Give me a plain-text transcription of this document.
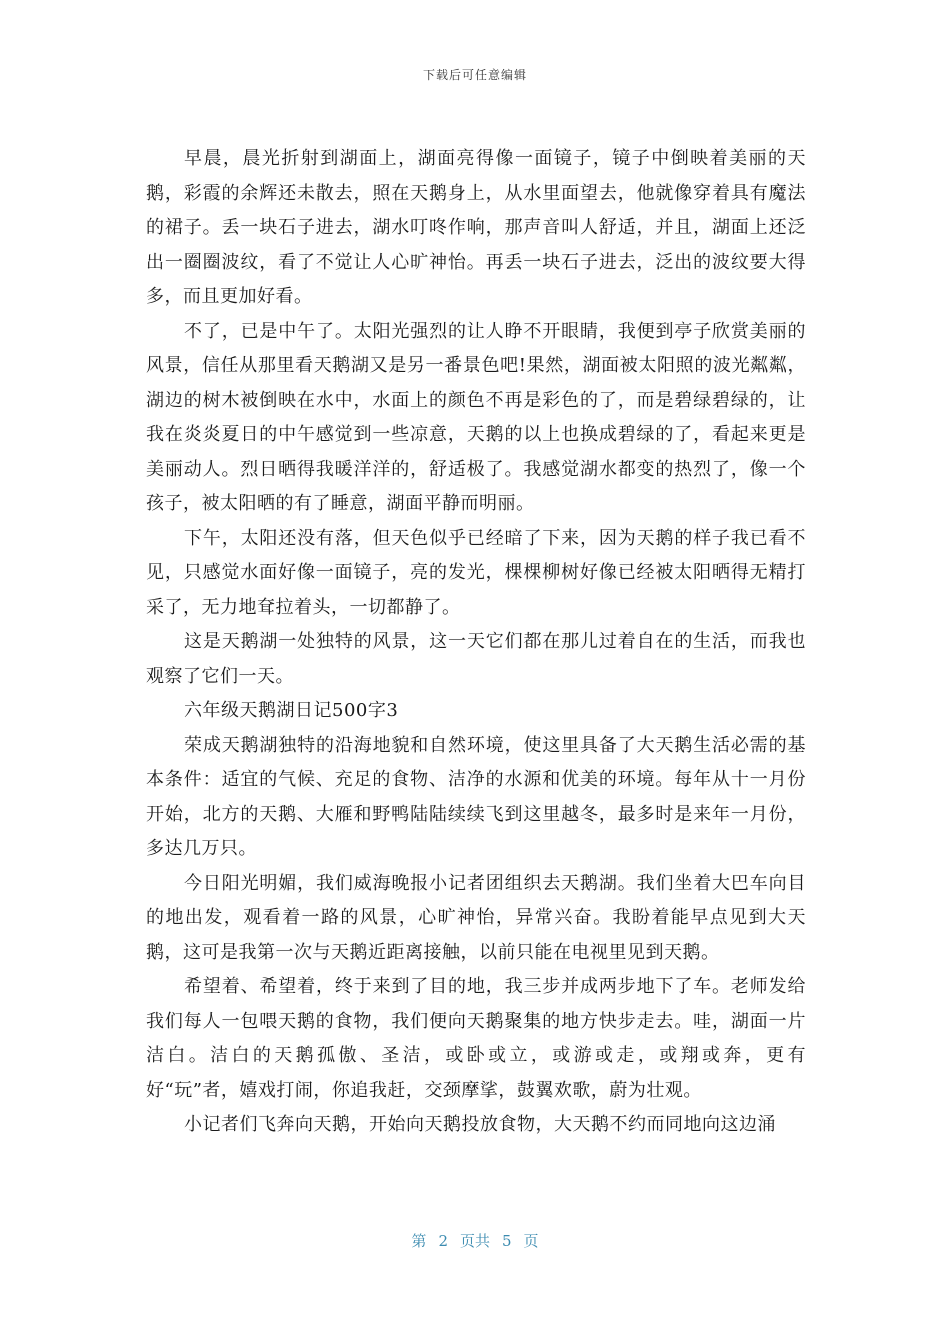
下载后可任意编辑

早晨，晨光折射到湖面上，湖面亮得像一面镜子，镜子中倒映着美丽的天鹅，彩霞的余辉还未散去，照在天鹅身上，从水里面望去，他就像穿着具有魔法的裙子。丢一块石子进去，湖水叮咚作响，那声音叫人舒适，并且，湖面上还泛出一圈圈波纹，看了不觉让人心旷神怡。再丢一块石子进去，泛出的波纹要大得多，而且更加好看。

不了，已是中午了。太阳光强烈的让人睁不开眼睛，我便到亭子欣赏美丽的风景，信任从那里看天鹅湖又是另一番景色吧!果然，湖面被太阳照的波光粼粼，湖边的树木被倒映在水中，水面上的颜色不再是彩色的了，而是碧绿碧绿的，让我在炎炎夏日的中午感觉到一些凉意，天鹅的以上也换成碧绿的了，看起来更是美丽动人。烈日晒得我暖洋洋的，舒适极了。我感觉湖水都变的热烈了，像一个孩子，被太阳晒的有了睡意，湖面平静而明丽。

下午，太阳还没有落，但天色似乎已经暗了下来，因为天鹅的样子我已看不见，只感觉水面好像一面镜子，亮的发光，棵棵柳树好像已经被太阳晒得无精打采了，无力地耷拉着头，一切都静了。

这是天鹅湖一处独特的风景，这一天它们都在那儿过着自在的生活，而我也观察了它们一天。

六年级天鹅湖日记500字3

荣成天鹅湖独特的沿海地貌和自然环境，使这里具备了大天鹅生活必需的基本条件：适宜的气候、充足的食物、洁净的水源和优美的环境。每年从十一月份开始，北方的天鹅、大雁和野鸭陆陆续续飞到这里越冬，最多时是来年一月份，多达几万只。

今日阳光明媚，我们威海晚报小记者团组织去天鹅湖。我们坐着大巴车向目的地出发，观看着一路的风景，心旷神怡，异常兴奋。我盼着能早点见到大天鹅，这可是我第一次与天鹅近距离接触，以前只能在电视里见到天鹅。

希望着、希望着，终于来到了目的地，我三步并成两步地下了车。老师发给我们每人一包喂天鹅的食物，我们便向天鹅聚集的地方快步走去。哇，湖面一片洁白。洁白的天鹅孤傲、圣洁，或卧或立，或游或走，或翔或奔，更有好“玩”者，嬉戏打闹，你追我赶，交颈摩挲，鼓翼欢歌，蔚为壮观。

小记者们飞奔向天鹅，开始向天鹅投放食物，大天鹅不约而同地向这边涌

第 2 页共 5 页
